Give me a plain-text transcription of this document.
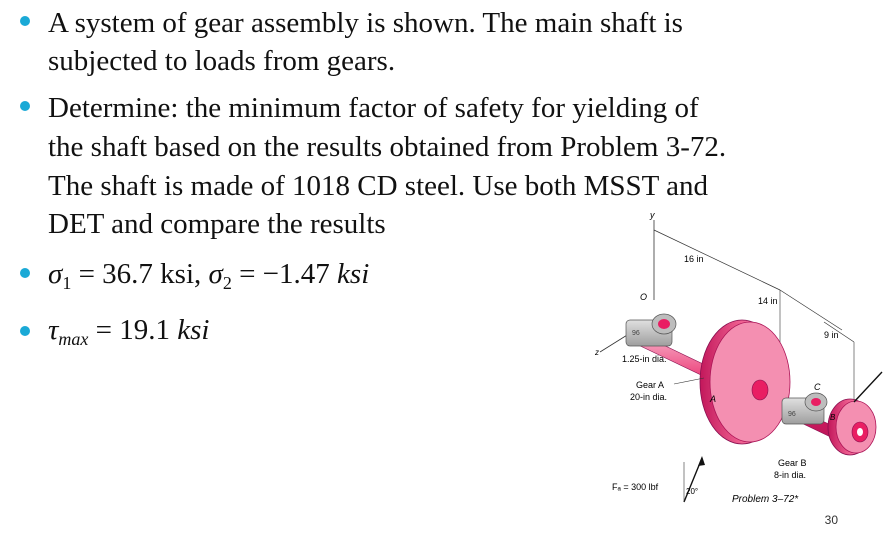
A system of gear assembly is shown. The main shaft is
subjected to loads from gears.
Determine: the minimum factor of safety for yielding of
the shaft based on the results obtained from Problem 3-72.
The shaft is made of 1018 CD steel. Use both MSST and
DET and compare the results
$\sigma_1 = 36.7$ ksi, $\sigma_2 = -1.47$ ksi
$\tau_{max} = 19.1$ ksi
y
z
16 in
14 in
9 in
96
O
1.25-in dia.
A
Gear A
20-in dia.
Fₐ = 300 lbf	20°
96
C
B
Gear B
8-in dia.
Problem 3–72*
30
